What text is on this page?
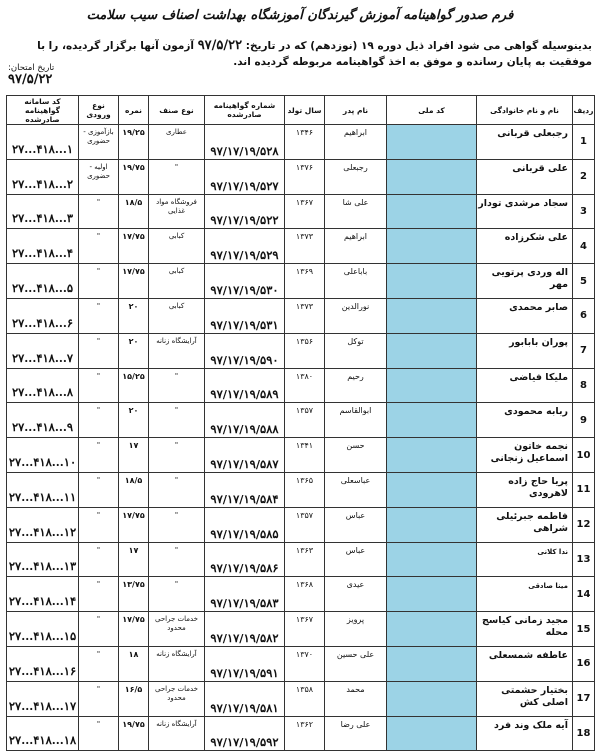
فرم صدور گواهینامه آموزش گیرندگان آموزشگاه بهداشت اصناف سیب سلامت
بدینوسیله گواهی می شود افراد ذیل دوره ۱۹ (نوزدهم) که در تاریخ: ۹۷/۵/۲۲ آزمون آنها برگزار گردیده، را با موفقیت به پایان رسانده و موفق به اخذ گواهینامه مربوطه گردیده اند.
تاریخ امتحان:
۹۷/۵/۲۲
ردیف	نام و نام خانوادگی	کد ملی	نام پدر	سال تولد	شماره گواهینامه صادرشده	نوع صنف	نمره	نوع ورودی	کد سامانه گواهینامه صادرشده
1	رجبعلی قربانی		ابراهیم	۱۳۴۶	۹۷/۱۷/۱۹/۵۲۸	عطاری	۱۹/۲۵	بازآموزی - حضوری	۲۷...۴۱۸...۱
2	علی قربانی		رجبعلی	۱۳۷۶	۹۷/۱۷/۱۹/۵۲۷	"	۱۹/۷۵	اولیه - حضوری	۲۷...۴۱۸...۲
3	سجاد مرشدی تودار		علی شا	۱۳۶۷	۹۷/۱۷/۱۹/۵۲۲	فروشگاه مواد غذایی	۱۸/۵	"	۲۷...۴۱۸...۳
4	علی شکرزاده		ابراهیم	۱۳۷۳	۹۷/۱۷/۱۹/۵۲۹	کبابی	۱۷/۷۵	"	۲۷...۴۱۸...۴
5	اله وردی پرتویی مهر		باباعلی	۱۳۶۹	۹۷/۱۷/۱۹/۵۳۰	کبابی	۱۷/۷۵	"	۲۷...۴۱۸...۵
6	صابر محمدی		نورالدین	۱۳۷۳	۹۷/۱۷/۱۹/۵۳۱	کبابی	۲۰	"	۲۷...۴۱۸...۶
7	پوران بابابور		توکل	۱۳۵۶	۹۷/۱۷/۱۹/۵۹۰	آرایشگاه زنانه	۲۰	"	۲۷...۴۱۸...۷
8	ملیکا فیاضی		رحیم	۱۳۸۰	۹۷/۱۷/۱۹/۵۸۹	"	۱۵/۲۵	"	۲۷...۴۱۸...۸
9	ربابه محمودی		ابوالقاسم	۱۳۵۷	۹۷/۱۷/۱۹/۵۸۸	"	۲۰	"	۲۷...۴۱۸...۹
10	نجمه خاتون اسماعیل زنجانی		حسن	۱۳۴۱	۹۷/۱۷/۱۹/۵۸۷	"	۱۷	"	۲۷...۴۱۸...۱۰
11	پریا حاج زاده لاهرودی		عباسعلی	۱۳۶۵	۹۷/۱۷/۱۹/۵۸۴	"	۱۸/۵	"	۲۷...۴۱۸...۱۱
12	فاطمه جبرئیلی شراهی		عباس	۱۳۵۷	۹۷/۱۷/۱۹/۵۸۵	"	۱۷/۷۵	"	۲۷...۴۱۸...۱۲
13	ندا کلانی		عباس	۱۳۶۳	۹۷/۱۷/۱۹/۵۸۶	"	۱۷	"	۲۷...۴۱۸...۱۳
14	مینا صادقی		عیدی	۱۳۶۸	۹۷/۱۷/۱۹/۵۸۳	"	۱۳/۷۵	"	۲۷...۴۱۸...۱۴
15	مجید زمانی کیاسج محله		پرویز	۱۳۶۷	۹۷/۱۷/۱۹/۵۸۲	خدمات جراحی محدود	۱۷/۷۵	"	۲۷...۴۱۸...۱۵
16	عاطفه شمسعلی		علی حسین	۱۳۷۰	۹۷/۱۷/۱۹/۵۹۱	آرایشگاه زنانه	۱۸	"	۲۷...۴۱۸...۱۶
17	بختیار حشمتی اصلی کش		محمد	۱۳۵۸	۹۷/۱۷/۱۹/۵۸۱	خدمات جراحی محدود	۱۶/۵	"	۲۷...۴۱۸...۱۷
18	آیه ملک وند فرد		علی رضا	۱۳۶۲	۹۷/۱۷/۱۹/۵۹۲	آرایشگاه زنانه	۱۹/۷۵	"	۲۷...۴۱۸...۱۸
